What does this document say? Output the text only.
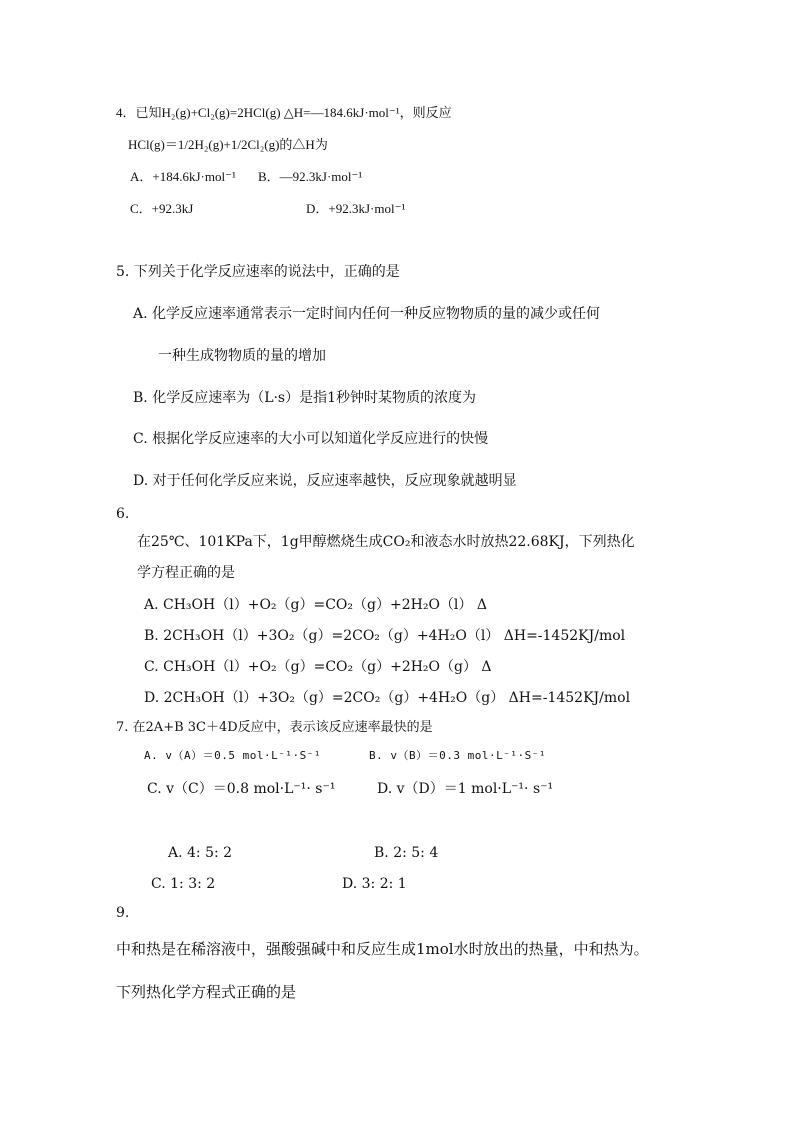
4．已知H₂(g)+Cl₂(g)=2HCl(g) △H=—184.6kJ·mol⁻¹，则反应
HCl(g)＝1/2H₂(g)+1/2Cl₂(g)的△H为
A．+184.6kJ·mol⁻¹ B．—92.3kJ·mol⁻¹
C．+92.3kJ	D．+92.3kJ·mol⁻¹
5. 下列关于化学反应速率的说法中，正确的是
A. 化学反应速率通常表示一定时间内任何一种反应物物质的量的减少或任何
一种生成物物质的量的增加
B. 化学反应速率为（L·s）是指1秒钟时某物质的浓度为
C. 根据化学反应速率的大小可以知道化学反应进行的快慢
D. 对于任何化学反应来说，反应速率越快，反应现象就越明显
6.
在25℃、101KPa下，1g甲醇燃烧生成CO₂和液态水时放热22.68KJ，下列热化
学方程正确的是
A. CH₃OH（l）+O₂（g）=CO₂（g）+2H₂O（l） Δ
B. 2CH₃OH（l）+3O₂（g）=2CO₂（g）+4H₂O（l） ΔH=-1452KJ/mol
C. CH₃OH（l）+O₂（g）=CO₂（g）+2H₂O（g） Δ
D. 2CH₃OH（l）+3O₂（g）=2CO₂（g）+4H₂O（g） ΔH=-1452KJ/mol
7. 在2A+B 3C＋4D反应中，表示该反应速率最快的是
A. v（A）＝0.5 mol·L⁻¹·S⁻¹	B. v（B）＝0.3 mol·L⁻¹·S⁻¹
C. v（C）＝0.8 mol·L⁻¹· s⁻¹	D. v（D）＝1 mol·L⁻¹· s⁻¹
A. 4: 5: 2	B. 2: 5: 4
C. 1: 3: 2	D. 3: 2: 1
9.
中和热是在稀溶液中，强酸强碱中和反应生成1mol水时放出的热量，中和热为。
下列热化学方程式正确的是
